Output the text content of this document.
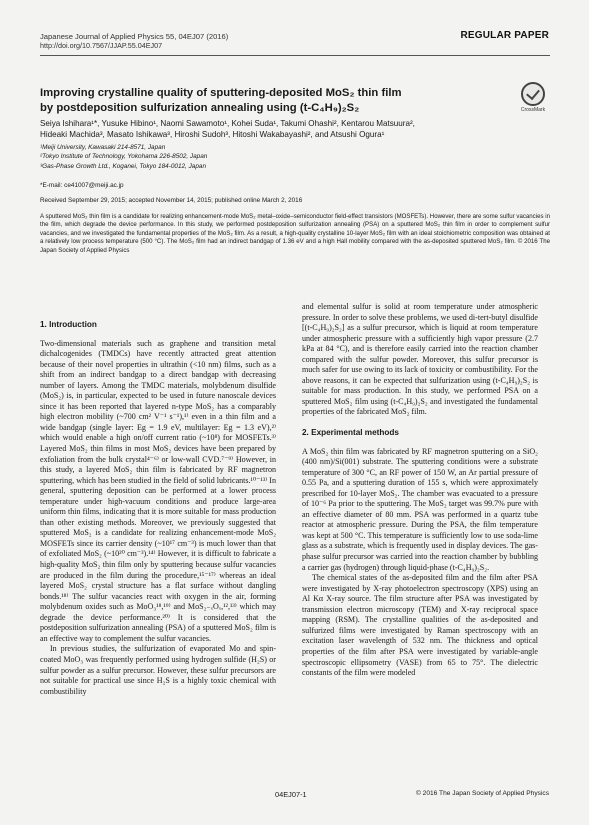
Japanese Journal of Applied Physics 55, 04EJ07 (2016)
http://doi.org/10.7567/JJAP.55.04EJ07
REGULAR PAPER
CrossMark
Improving crystalline quality of sputtering-deposited MoS₂ thin film
by postdeposition sulfurization annealing using (t-C₄H₉)₂S₂
Seiya Ishihara¹*, Yusuke Hibino¹, Naomi Sawamoto¹, Kohei Suda¹, Takumi Ohashi², Kentarou Matsuura²,
Hideaki Machida³, Masato Ishikawa³, Hiroshi Sudoh³, Hitoshi Wakabayashi², and Atsushi Ogura¹
¹Meiji University, Kawasaki 214-8571, Japan
²Tokyo Institute of Technology, Yokohama 226-8502, Japan
³Gas-Phase Growth Ltd., Koganei, Tokyo 184-0012, Japan
*E-mail: ce41007@meiji.ac.jp
Received September 29, 2015; accepted November 14, 2015; published online March 2, 2016
A sputtered MoS₂ thin film is a candidate for realizing enhancement-mode MoS₂ metal–oxide–semiconductor field-effect transistors (MOSFETs). However, there are some sulfur vacancies in the film, which degrade the device performance. In this study, we performed postdeposition sulfurization annealing (PSA) on a sputtered MoS₂ thin film in order to complement sulfur vacancies, and we investigated the fundamental properties of the MoS₂ film. As a result, a high-quality crystalline 10-layer MoS₂ film with an ideal stoichiometric composition was obtained at a relatively low process temperature (500 °C). The MoS₂ film had an indirect bandgap of 1.36 eV and a high Hall mobility compared with the as-deposited sputtered MoS₂ film. © 2016 The Japan Society of Applied Physics
1. Introduction

Two-dimensional materials such as graphene and transition metal dichalcogenides (TMDCs) have recently attracted great attention because of their novel properties in ultrathin (<10 nm) films, such as a shift from an indirect bandgap to a direct bandgap with decreasing number of layers. Among the TMDC materials, molybdenum disulfide (MoS₂) is, in particular, expected to be used in future nanoscale devices since it has been reported that layered n-type MoS₂ has a comparably high electron mobility (~700 cm² V⁻¹ s⁻¹),¹⁾ even in a thin film and a wide bandgap (single layer: Eg = 1.9 eV, multilayer: Eg = 1.3 eV),²⁾ which would enable a high on/off current ratio (~10⁸) for MOSFETs.³⁾ Layered MoS₂ thin films in most MoS₂ devices have been prepared by exfoliation from the bulk crystal⁴⁻⁶⁾ or low-wall CVD.⁷⁻⁹⁾ However, in this study, a layered MoS₂ thin film is fabricated by RF magnetron sputtering, which has been studied in the field of solid lubricants.¹⁰⁻¹³⁾ In general, sputtering deposition can be performed at a lower process temperature under high-vacuum conditions and produce large-area uniform thin films, indicating that it is more suitable for mass production than other existing methods. Moreover, we previously suggested that sputtered MoS₂ is a candidate for realizing enhancement-mode MoS₂ MOSFETs since its carrier density (~10¹⁷ cm⁻³) is much lower than that of exfoliated MoS₂ (~10²⁰ cm⁻³).¹⁴⁾ However, it is difficult to fabricate a high-quality MoS₂ thin film only by sputtering because sulfur vacancies are produced in the film during the procedure,¹⁵⁻¹⁷⁾ whereas an ideal layered MoS₂ crystal structure has a flat surface without dangling bonds.¹⁸⁾ The sulfur vacancies react with oxygen in the air, forming molybdenum oxides such as MoO₃¹⁸,¹⁹⁾ and MoS₂₋ₓOₓ,¹²,¹³⁾ which may degrade the device performance.²⁰⁾ It is considered that the postdeposition sulfurization annealing (PSA) of a sputtered MoS₂ film is an effective way to complement the sulfur vacancies.

In previous studies, the sulfurization of evaporated Mo and spin-coated MoO₃ was frequently performed using hydrogen sulfide (H₂S) or sulfur powder as a sulfur precursor. However, these sulfur precursors are not suitable for practical use since H₂S is a highly toxic chemical with combustibility

and elemental sulfur is solid at room temperature under atmospheric pressure. In order to solve these problems, we used di-tert-butyl disulfide [(t-C₄H₉)₂S₂] as a sulfur precursor, which is liquid at room temperature under atmospheric pressure with a sufficiently high vapor pressure (2.7 kPa at 84 °C), and is therefore easily carried into the reaction chamber compared with the sulfur powder. Moreover, this sulfur precursor is much safer for use owing to its lack of toxicity or combustibility. For the above reasons, it can be expected that sulfurization using (t-C₄H₉)₂S₂ is suitable for mass production. In this study, we performed PSA on a sputtered MoS₂ film using (t-C₄H₉)₂S₂ and investigated the fundamental properties of the fabricated MoS₂ film.

2. Experimental methods

A MoS₂ thin film was fabricated by RF magnetron sputtering on a SiO₂ (400 nm)/Si(001) substrate. The sputtering conditions were a substrate temperature of 300 °C, an RF power of 150 W, an Ar partial pressure of 0.55 Pa, and a sputtering duration of 155 s, which were approximately prescribed for 10-layer MoS₂. The chamber was evacuated to a pressure of 10⁻⁶ Pa prior to the sputtering. The MoS₂ target was 99.7% pure with an effective diameter of 80 mm. PSA was performed in a quartz tube reactor at atmospheric pressure. During the PSA, the film temperature was kept at 500 °C. This temperature is sufficiently low to use soda-lime glass as a substrate, which is frequently used in display devices. The gas-phase sulfur precursor was carried into the reaction chamber by bubbling a carrier gas (hydrogen) through liquid-phase (t-C₄H₉)₂S₂.

The chemical states of the as-deposited film and the film after PSA were investigated by X-ray photoelectron spectroscopy (XPS) using an Al Kα X-ray source. The film structure after PSA was investigated by transmission electron microscopy (TEM) and X-ray reciprocal space mapping (RSM). The crystalline qualities of the as-deposited and sulfurized films were investigated by Raman spectroscopy with an excitation laser wavelength of 532 nm. The thickness and optical properties of the film after PSA were investigated by variable-angle spectroscopic ellipsometry (VASE) from 65 to 75°. The dielectric constants of the film were modeled

04EJ07-1	© 2016 The Japan Society of Applied Physics
